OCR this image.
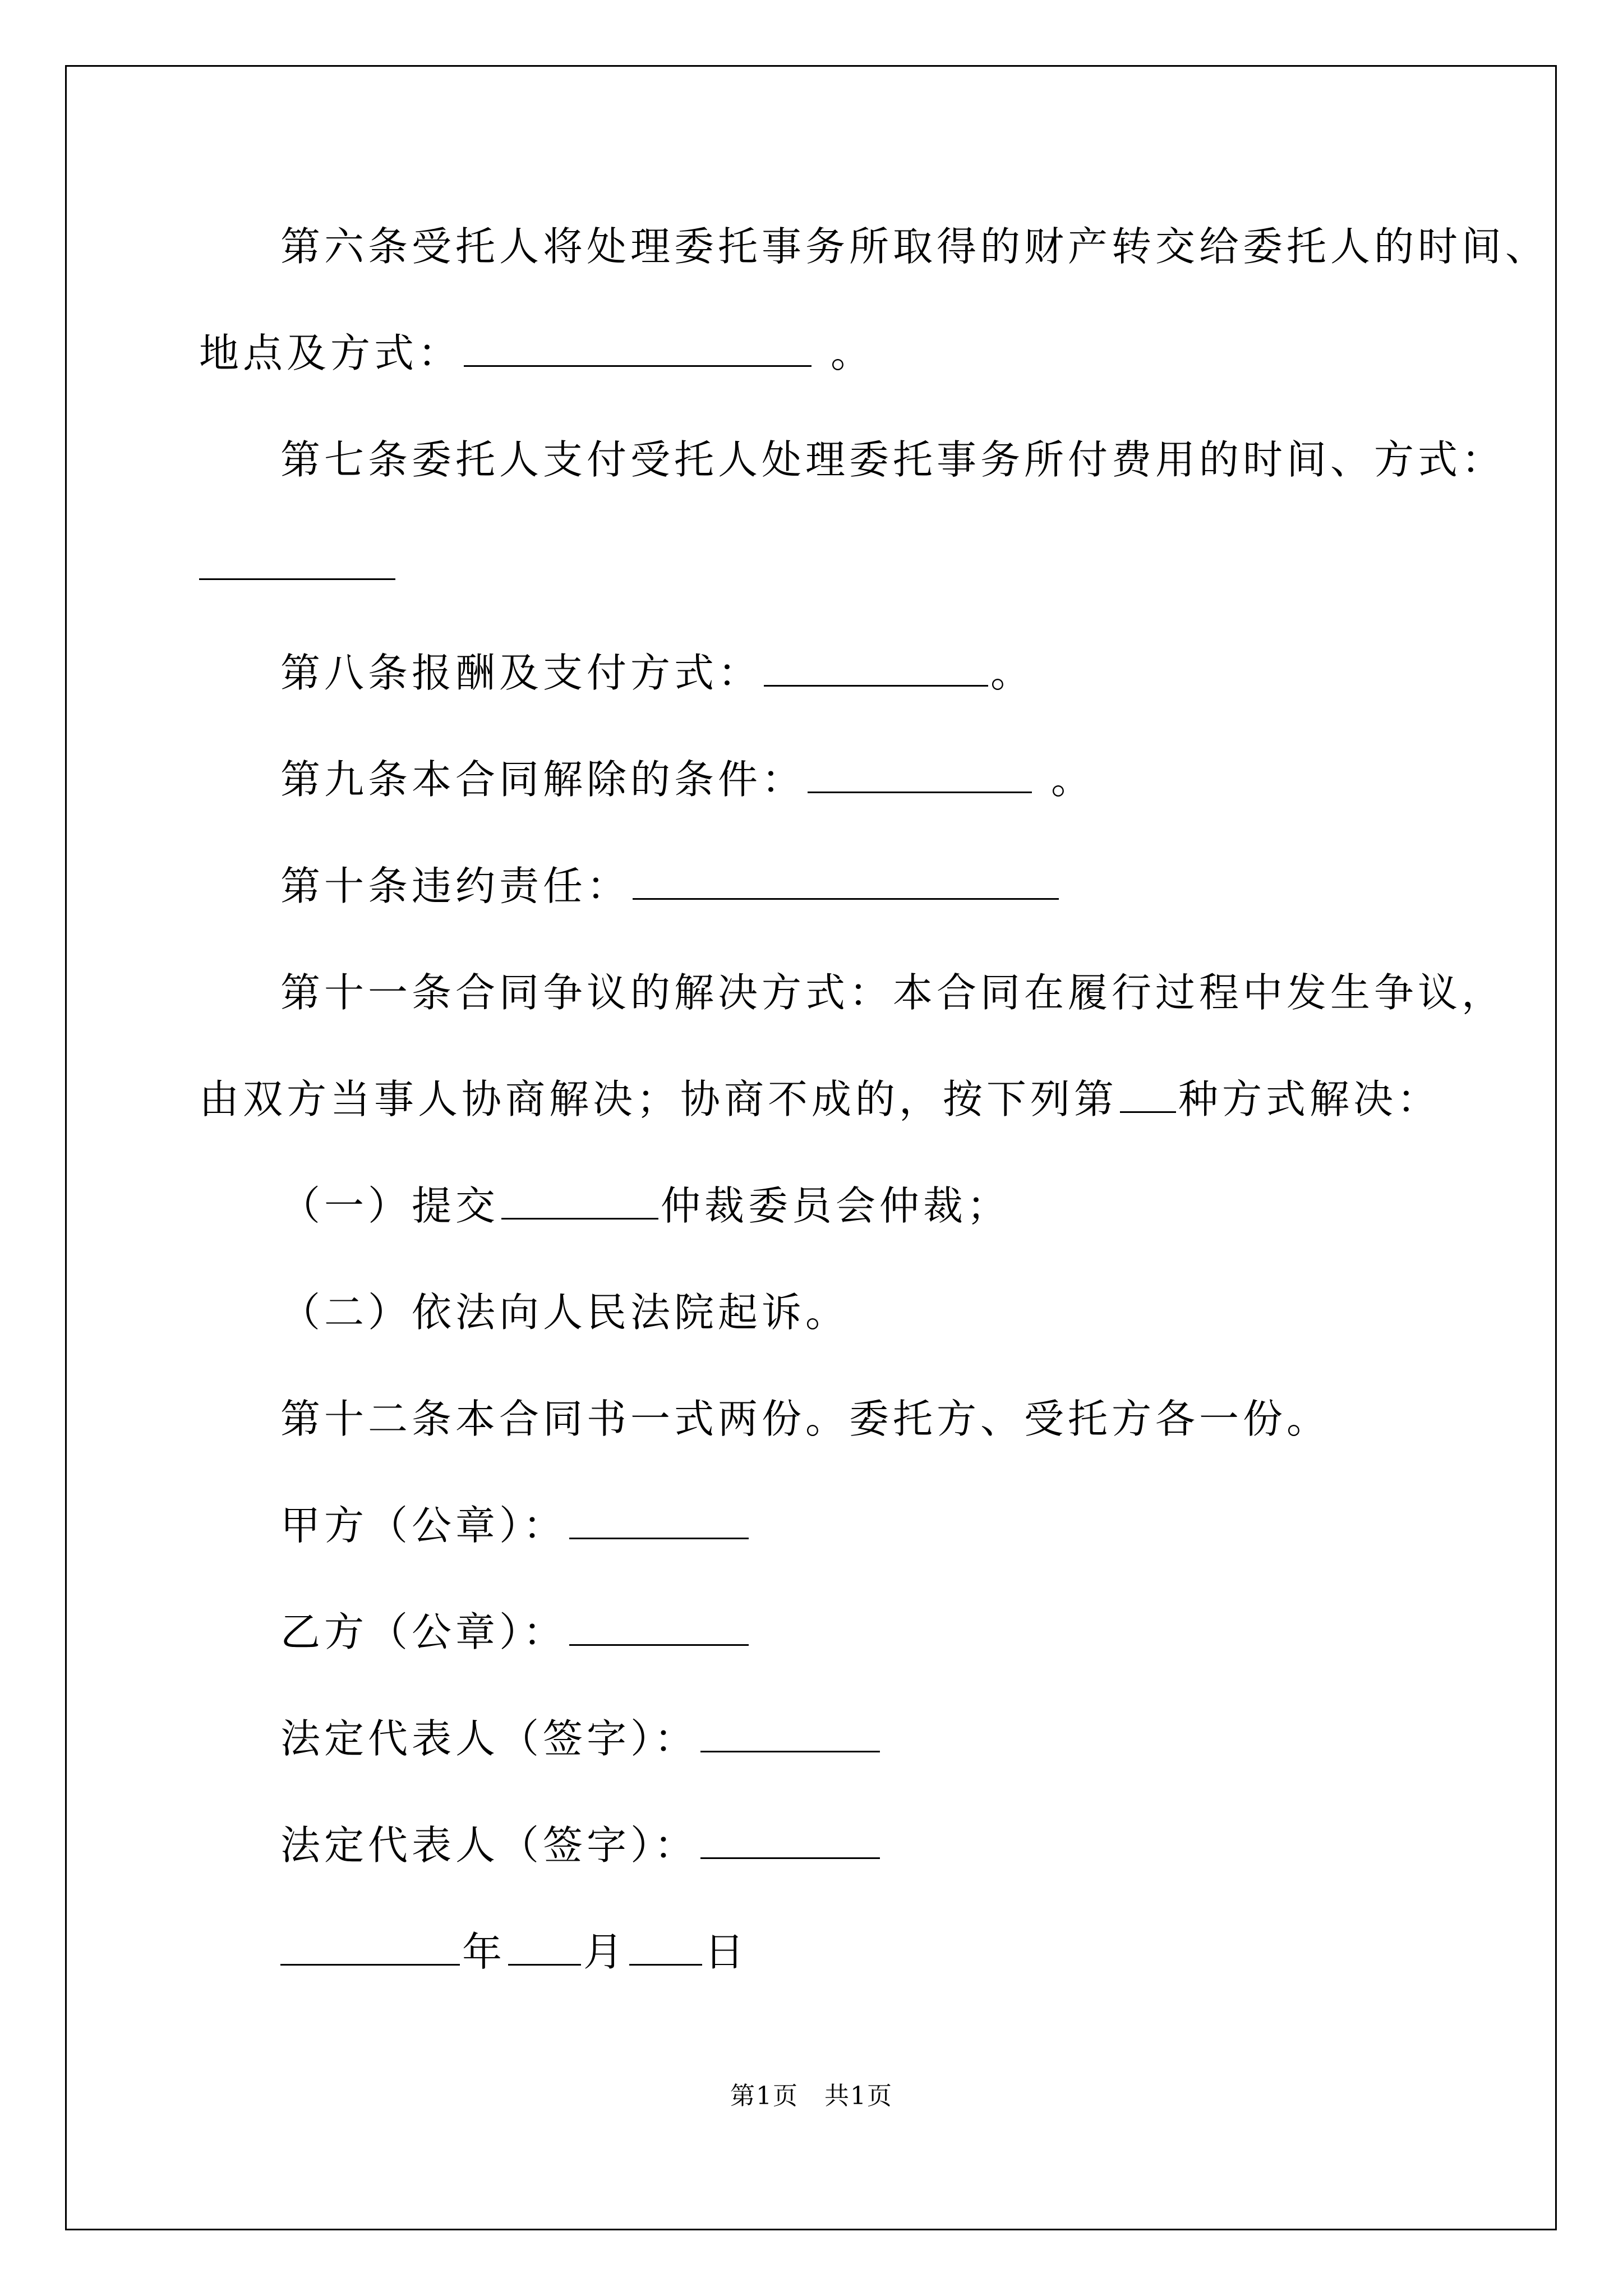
第六条受托人将处理委托事务所取得的财产转交给委托人的时间、
地点及方式：	。
第七条委托人支付受托人处理委托事务所付费用的时间、方式：
第八条报酬及支付方式：	。
第九条本合同解除的条件：	。
第十条违约责任：
第十一条合同争议的解决方式：本合同在履行过程中发生争议，
由双方当事人协商解决；协商不成的，按下列第 种方式解决：
（一）提交	仲裁委员会仲裁；
（二）依法向人民法院起诉。
第十二条本合同书一式两份。委托方、受托方各一份。
甲方（公章）：
乙方（公章）：
法定代表人（签字）：
法定代表人（签字）：
年 月 日
第1页　共1页
